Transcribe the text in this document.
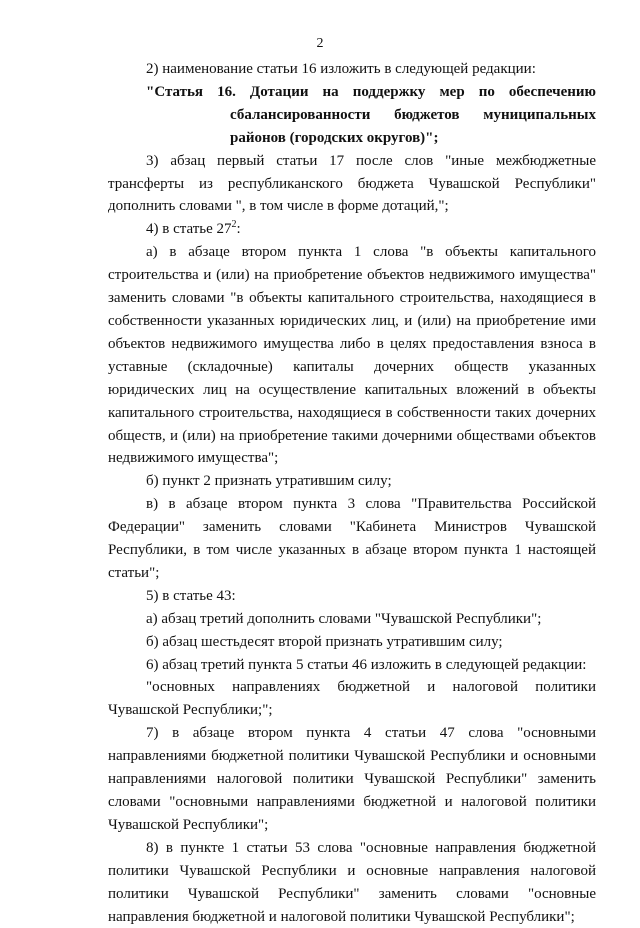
2

2) наименование статьи 16 изложить в следующей редакции:

"Статья 16. Дотации на поддержку мер по обеспечению сбалансированности бюджетов муниципальных районов (городских округов)";

3) абзац первый статьи 17 после слов "иные межбюджетные трансферты из республиканского бюджета Чувашской Республики" дополнить словами ", в том числе в форме дотаций,";

4) в статье $27^2$:

а) в абзаце втором пункта 1 слова "в объекты капитального строительства и (или) на приобретение объектов недвижимого имущества" заменить словами "в объекты капитального строительства, находящиеся в собственности указанных юридических лиц, и (или) на приобретение ими объектов недвижимого имущества либо в целях предоставления взноса в уставные (складочные) капиталы дочерних обществ указанных юридических лиц на осуществление капитальных вложений в объекты капитального строительства, находящиеся в собственности таких дочерних обществ, и (или) на приобретение такими дочерними обществами объектов недвижимого имущества";

б) пункт 2 признать утратившим силу;

в) в абзаце втором пункта 3 слова "Правительства Российской Федерации" заменить словами "Кабинета Министров Чувашской Республики, в том числе указанных в абзаце втором пункта 1 настоящей статьи";

5) в статье 43:

а) абзац третий дополнить словами "Чувашской Республики";

б) абзац шестьдесят второй признать утратившим силу;

6) абзац третий пункта 5 статьи 46 изложить в следующей редакции:

"основных направлениях бюджетной и налоговой политики Чувашской Республики;";

7) в абзаце втором пункта 4 статьи 47 слова "основными направлениями бюджетной политики Чувашской Республики и основными направлениями налоговой политики Чувашской Республики" заменить словами "основными направлениями бюджетной и налоговой политики Чувашской Республики";

8) в пункте 1 статьи 53 слова "основные направления бюджетной политики Чувашской Республики и основные направления налоговой политики Чувашской Республики" заменить словами "основные направления бюджетной и налоговой политики Чувашской Республики";
